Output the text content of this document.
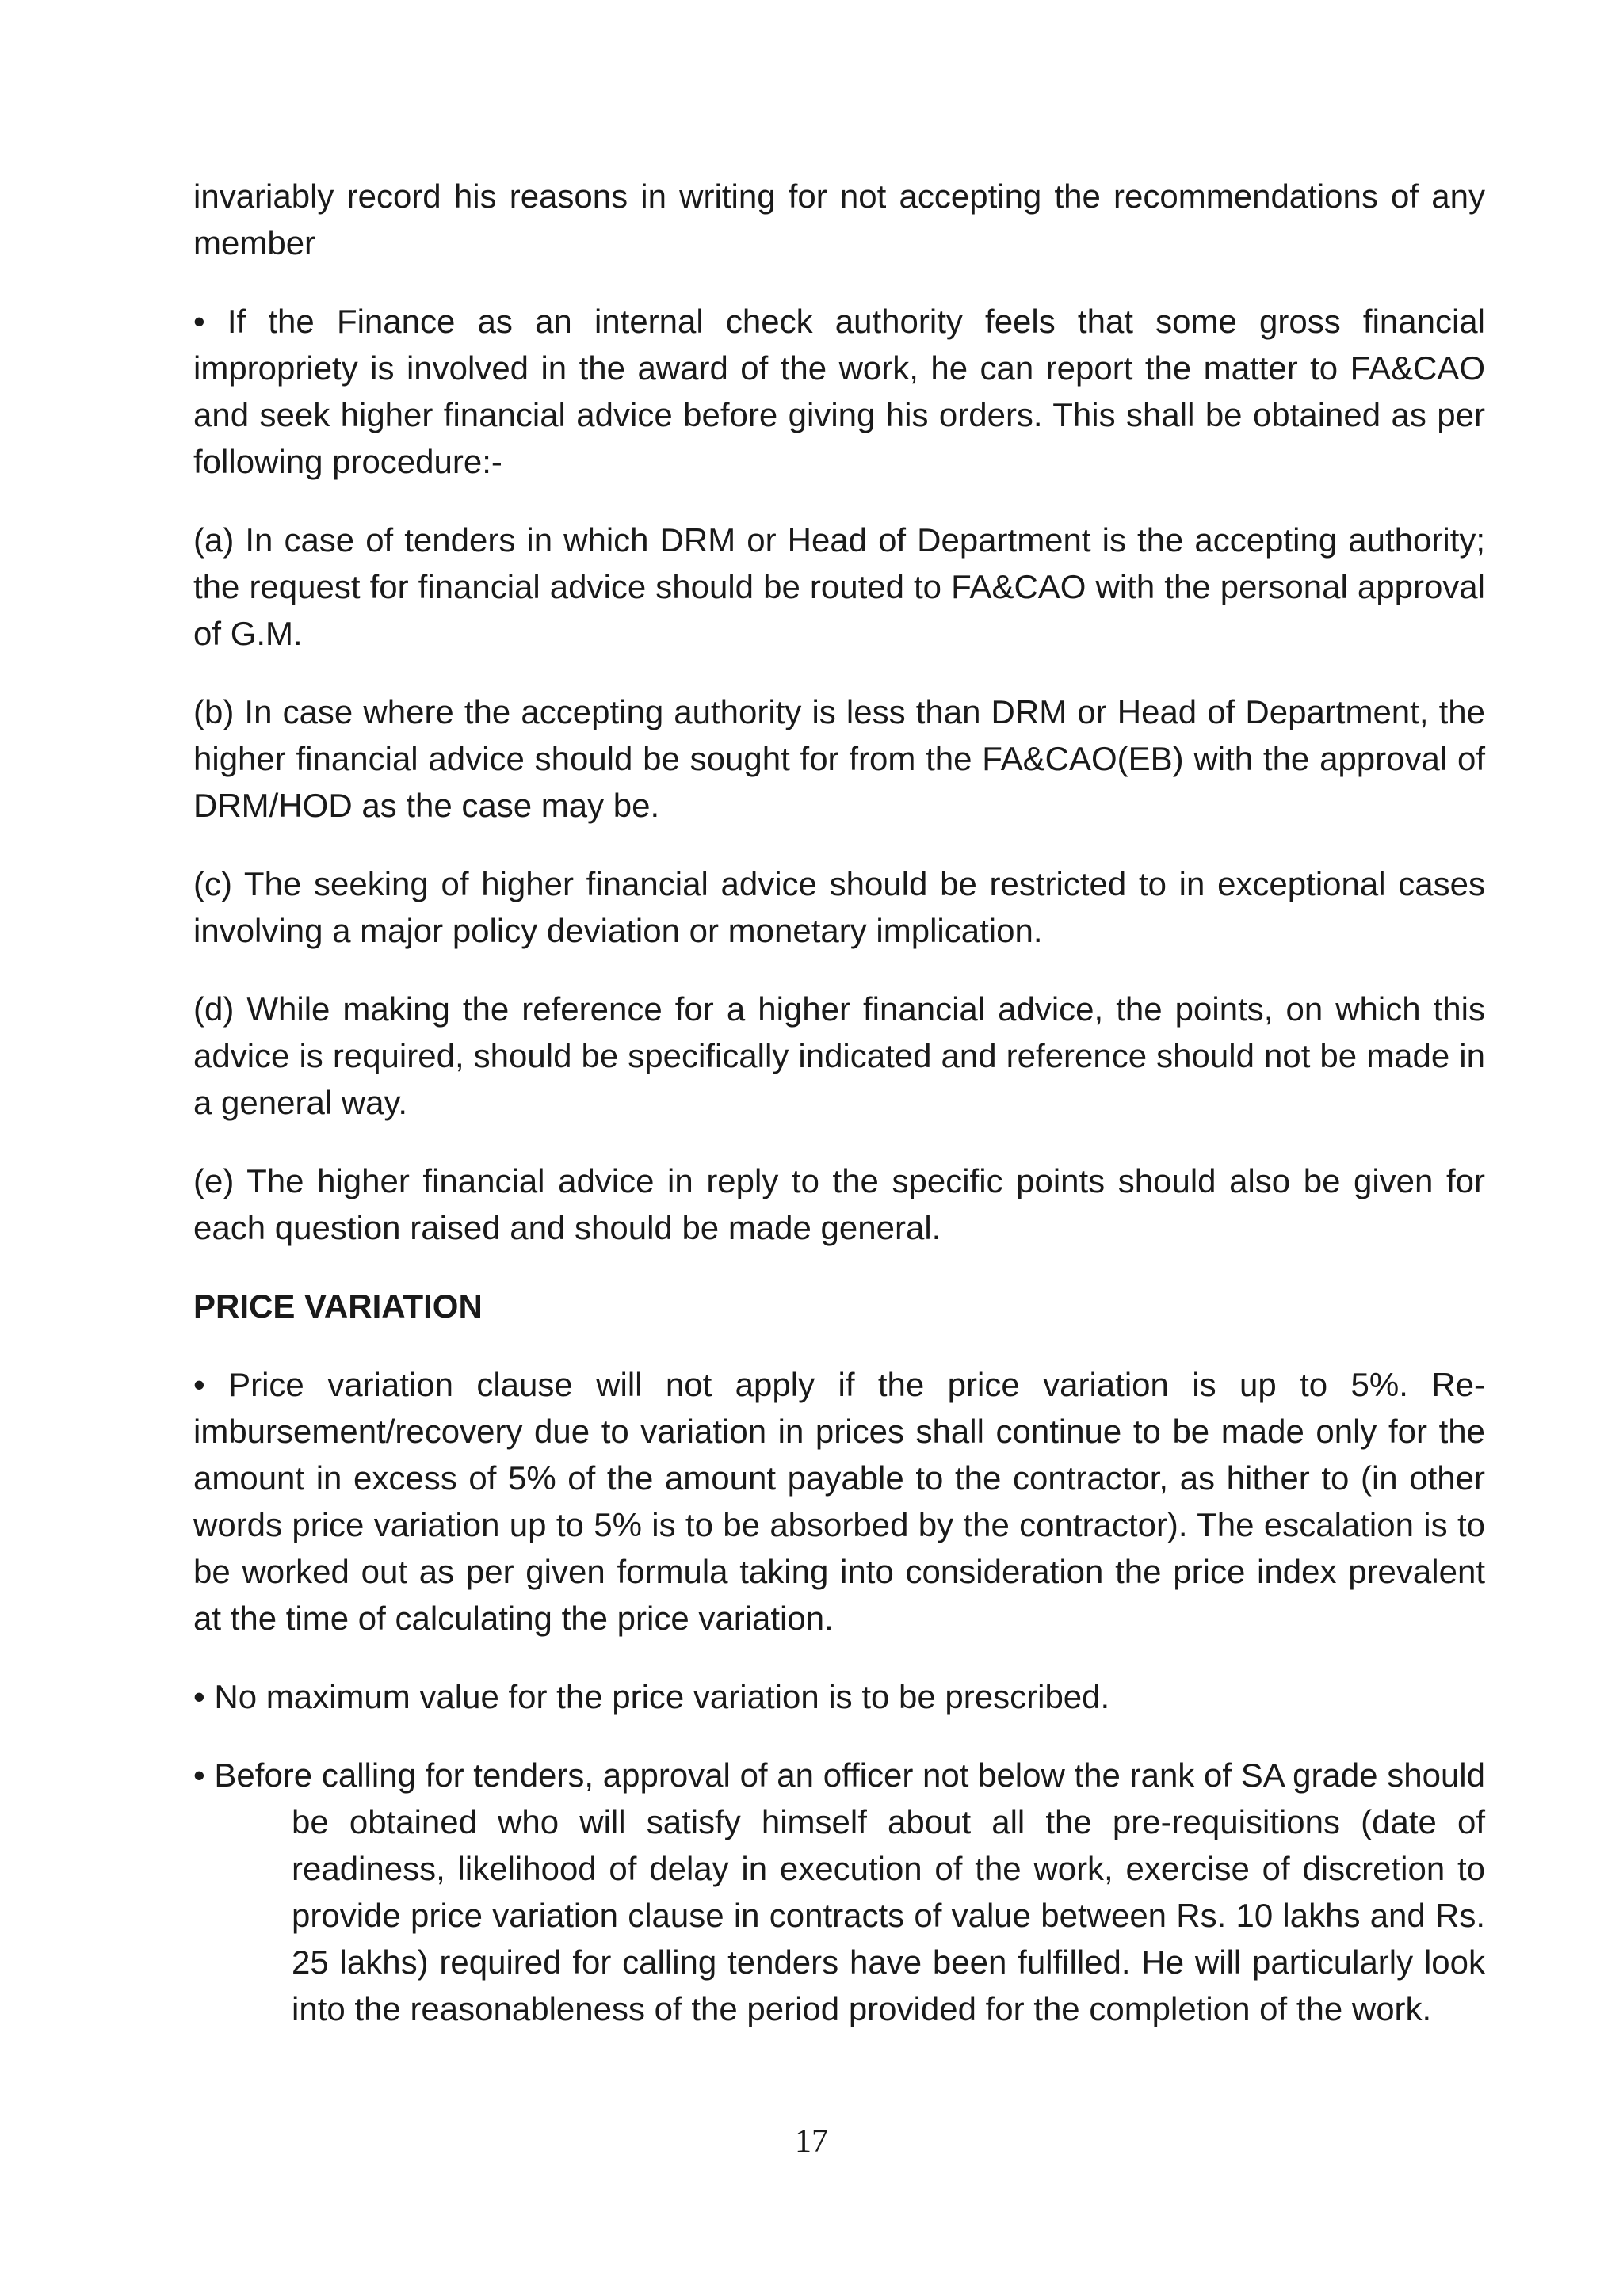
invariably record his reasons in writing for not accepting the recommendations of any member

• If the Finance as an internal check authority feels that some gross financial impropriety is involved in the award of the work, he can report the matter to FA&CAO and seek higher financial advice before giving his orders. This shall be obtained as per following procedure:-

(a) In case of tenders in which DRM or Head of Department is the accepting authority; the request for financial advice should be routed to FA&CAO with the personal approval of G.M.

(b) In case where the accepting authority is less than DRM or Head of Department, the higher financial advice should be sought for from the FA&CAO(EB) with the approval of DRM/HOD as the case may be.

(c) The seeking of higher financial advice should be restricted to in exceptional cases involving a major policy deviation or monetary implication.

(d) While making the reference for a higher financial advice, the points, on which this advice is required, should be specifically indicated and reference should not be made in a general way.

(e) The higher financial advice in reply to the specific points should also be given for each question raised and should be made general.

PRICE VARIATION

• Price variation clause will not apply if the price variation is up to 5%. Re-imbursement/recovery due to variation in prices shall continue to be made only for the amount in excess of 5% of the amount payable to the contractor, as hither to (in other words price variation up to 5% is to be absorbed by the contractor). The escalation is to be worked out as per given formula taking into consideration the price index prevalent at the time of calculating the price variation.

• No maximum value for the price variation is to be prescribed.

• Before calling for tenders, approval of an officer not below the rank of SA grade should be obtained who will satisfy himself about all the pre-requisitions (date of readiness, likelihood of delay in execution of the work, exercise of discretion to provide price variation clause in contracts of value between Rs. 10 lakhs and Rs. 25 lakhs) required for calling tenders have been fulfilled. He will particularly look into the reasonableness of the period provided for the completion of the work.

17
